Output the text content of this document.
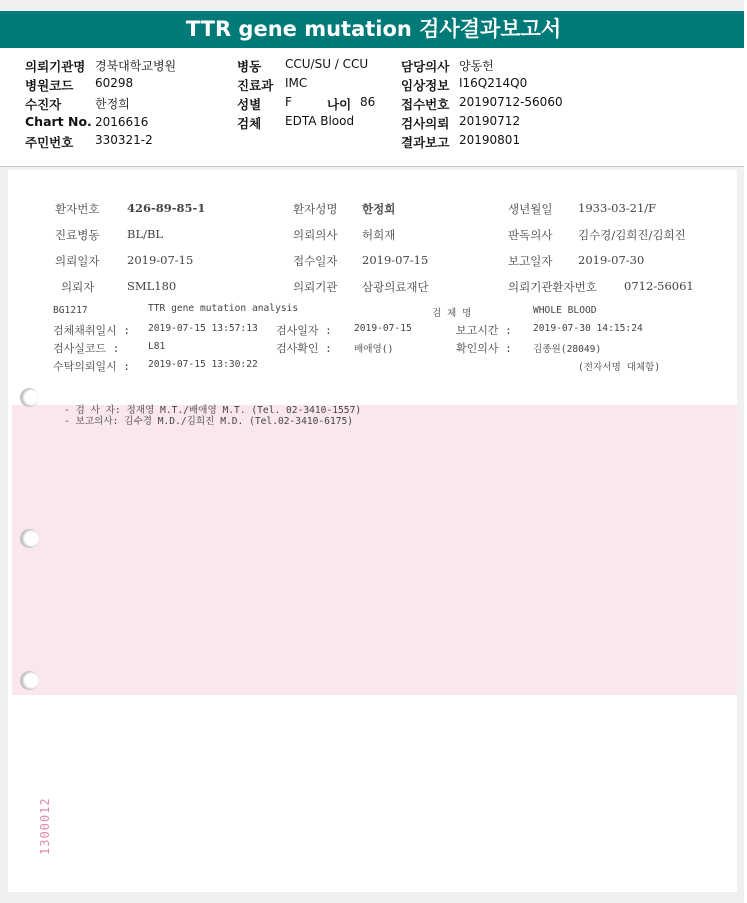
TTR gene mutation 검사결과보고서
의뢰기관명 경북대학교병원
병원코드 60298
수진자	한정희
Chart No. 2016616
주민번호 330321-2
병동 CCU/SU / CCU
진료과 IMC
성별 F	나이 86
검체 EDTA Blood
담당의사 양동헌
임상정보 I16Q214Q0
접수번호 20190712-56060
검사의뢰 20190712
결과보고 20190801
환자번호 426-89-85-1	환자성명 한정희	생년월일 1933-03-21/F
진료병동 BL/BL	의뢰의사 허희재	판독의사 김수경/김희진/김희진
의뢰일자 2019-07-15	접수일자 2019-07-15	보고일자 2019-07-30
의뢰자	SML180	의뢰기관 삼광의료재단	의뢰기관환자번호 0712-56061
BG1217	TTR gene mutation analysis	검 체 명	WHOLE BLOOD
검체채취일시 : 2019-07-15 13:57:13 검사일자 : 2019-07-15	보고시간 : 2019-07-30 14:15:24
검사실코드 :	L81	검사확인 : 배애영()	확인의사 : 김종원(28049)
수탁의뢰일시 : 2019-07-15 13:30:22	(전자서명 대체함)
- 검 사 자: 정재영 M.T./배애영 M.T. (Tel. 02-3410-1557)
- 보고의사: 김수경 M.D./김희진 M.D. (Tel.02-3410-6175)
1300012
